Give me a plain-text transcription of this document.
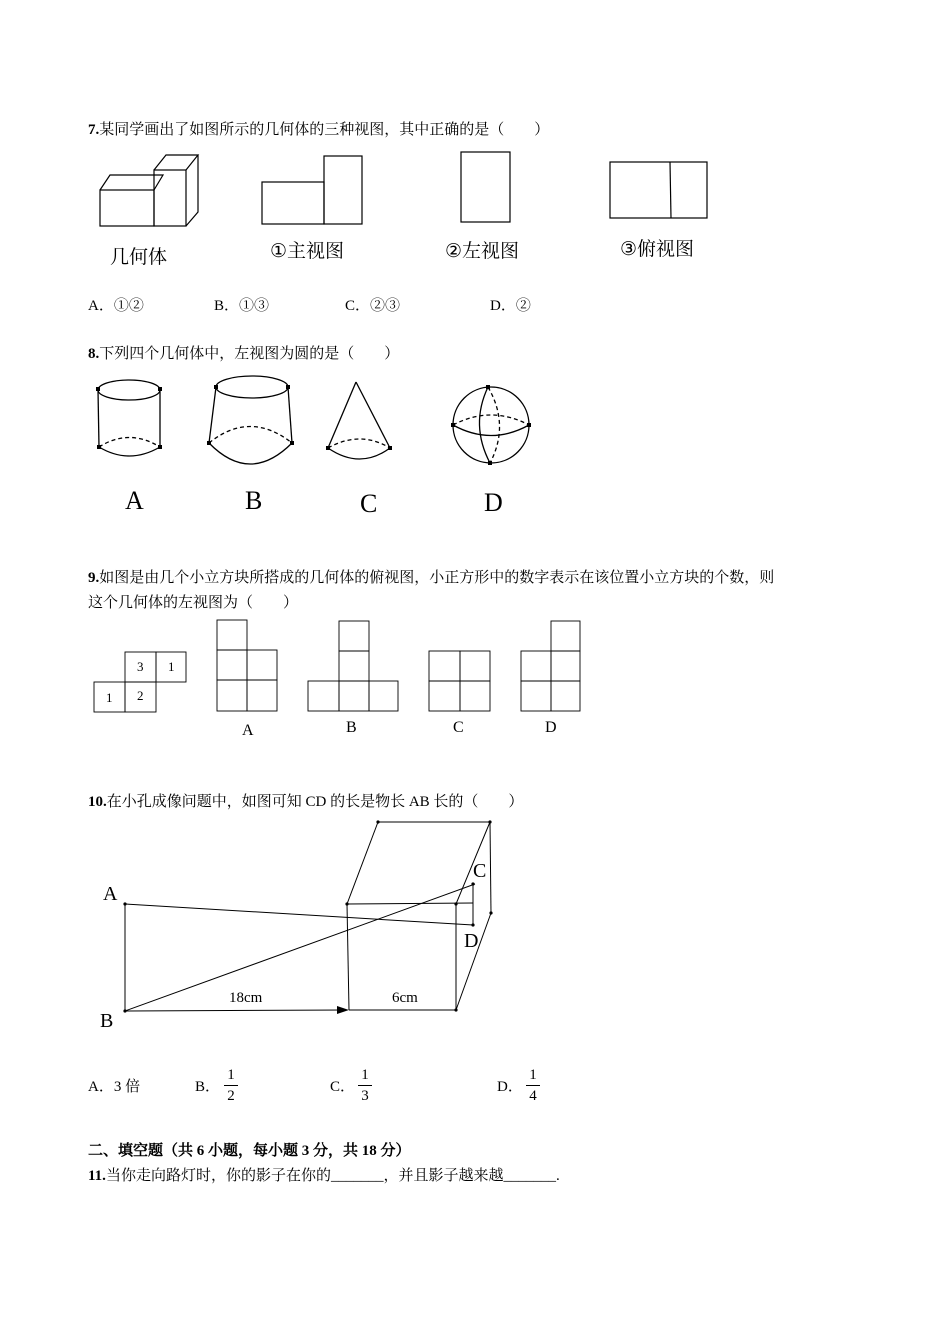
7.某同学画出了如图所示的几何体的三种视图，其中正确的是（　　）
几何体	①主视图	②左视图	③俯视图
A．①②	B．①③	C．②③	D．②
8.下列四个几何体中，左视图为圆的是（　　）
A	B	C	D
9.如图是由几个小立方块所搭成的几何体的俯视图，小正方形中的数字表示在该位置小立方块的个数，则
这个几何体的左视图为（　　）
3 1
1 2
A	B	C	D
10.在小孔成像问题中，如图可知 CD 的长是物长 AB 长的（　　）
A
B
C
D
18cm	6cm
A．3 倍	B．
1
2
C．
1
3
D．
1
4
二、填空题（共 6 小题，每小题 3 分，共 18 分）
11.当你走向路灯时，你的影子在你的_______，并且影子越来越_______.
